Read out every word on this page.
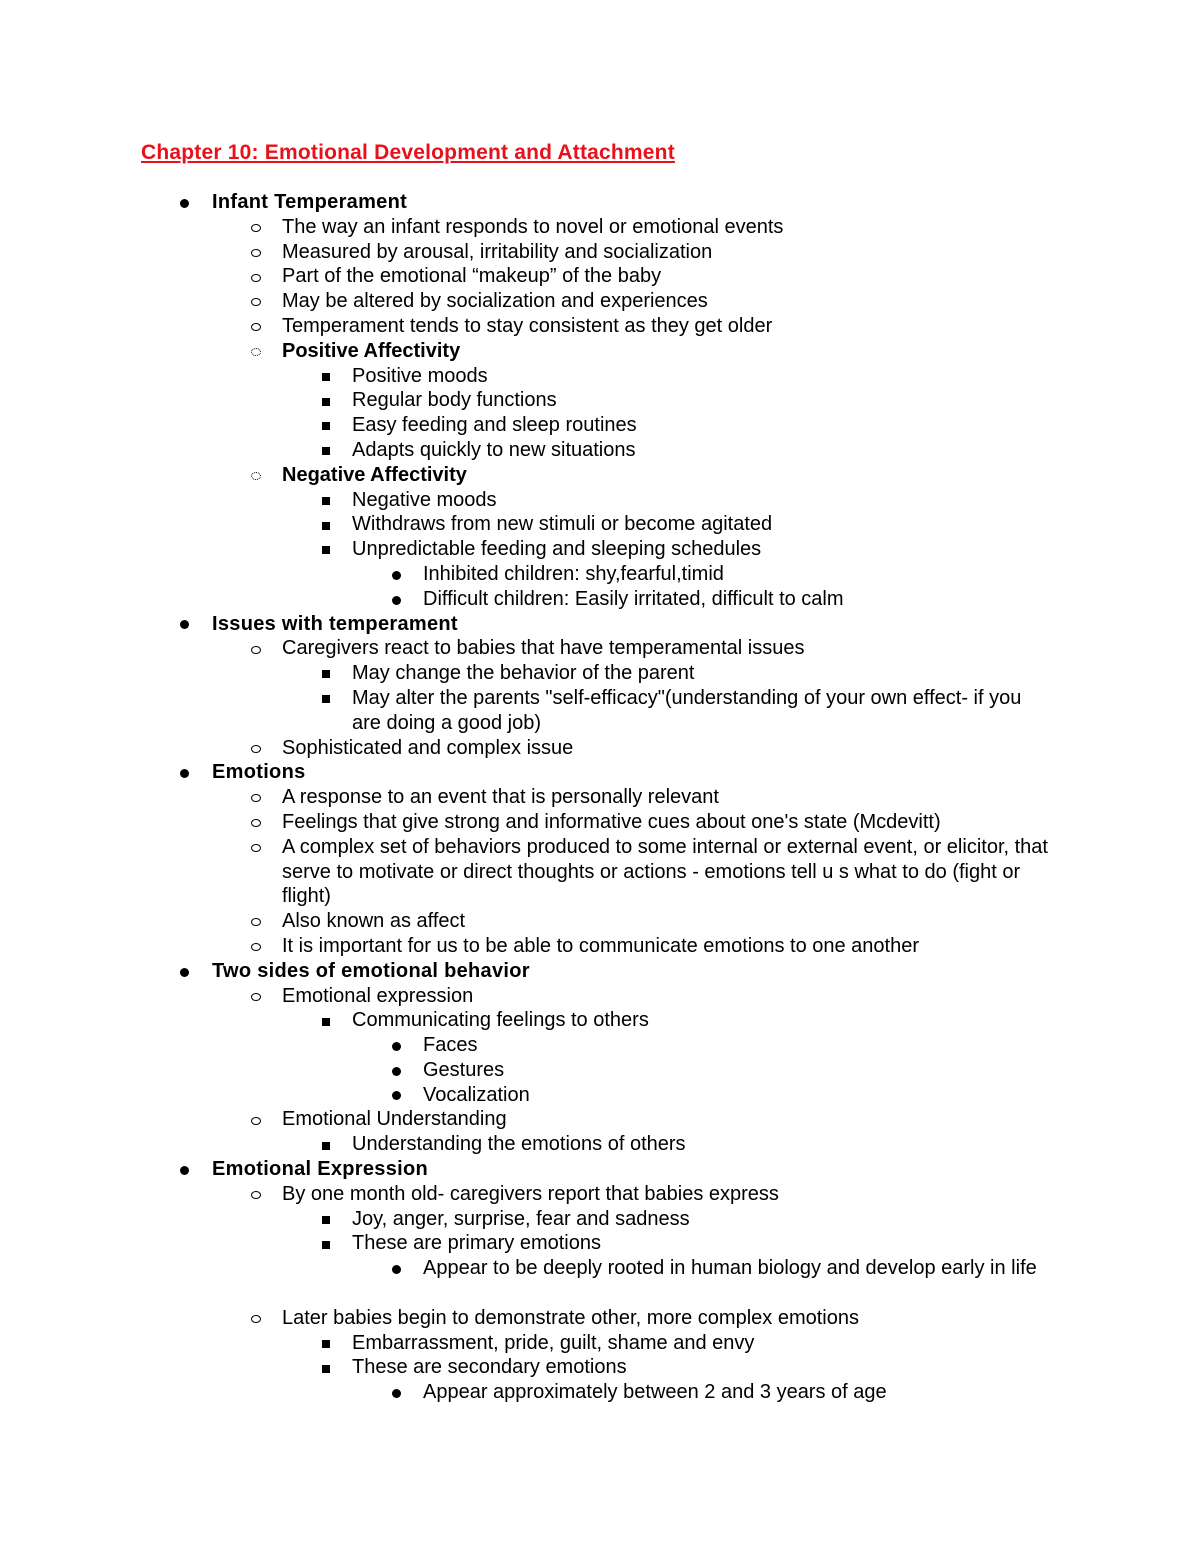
Chapter 10: Emotional Development and Attachment
Infant Temperament
The way an infant responds to novel or emotional events
Measured by arousal, irritability and socialization
Part of the emotional “makeup” of the baby
May be altered by socialization and experiences
Temperament tends to stay consistent as they get older
Positive Affectivity
Positive moods
Regular body functions
Easy feeding and sleep routines
Adapts quickly to new situations
Negative Affectivity
Negative moods
Withdraws from new stimuli or become agitated
Unpredictable feeding and sleeping schedules
Inhibited children: shy,fearful,timid
Difficult children: Easily irritated, difficult to calm
Issues with temperament
Caregivers react to babies that have temperamental issues
May change the behavior of the parent
May alter the parents "self-efficacy"(understanding of your own effect- if you are doing a good job)
Sophisticated and complex issue
Emotions
A response to an event that is personally relevant
Feelings that give strong and informative cues about one's state (Mcdevitt)
A complex set of behaviors produced to some internal or external event, or elicitor, that serve to motivate or direct thoughts or actions - emotions tell u s what to do (fight or flight)
Also known as affect
It is important for us to be able to communicate emotions to one another
Two sides of emotional behavior
Emotional expression
Communicating feelings to others
Faces
Gestures
Vocalization
Emotional Understanding
Understanding the emotions of others
Emotional Expression
By one month old- caregivers report that babies express
Joy, anger, surprise, fear and sadness
These are primary emotions
Appear to be deeply rooted in human biology and develop early in life
Later babies begin to demonstrate other, more complex emotions
Embarrassment, pride, guilt, shame and envy
These are secondary emotions
Appear approximately between 2 and 3 years of age
